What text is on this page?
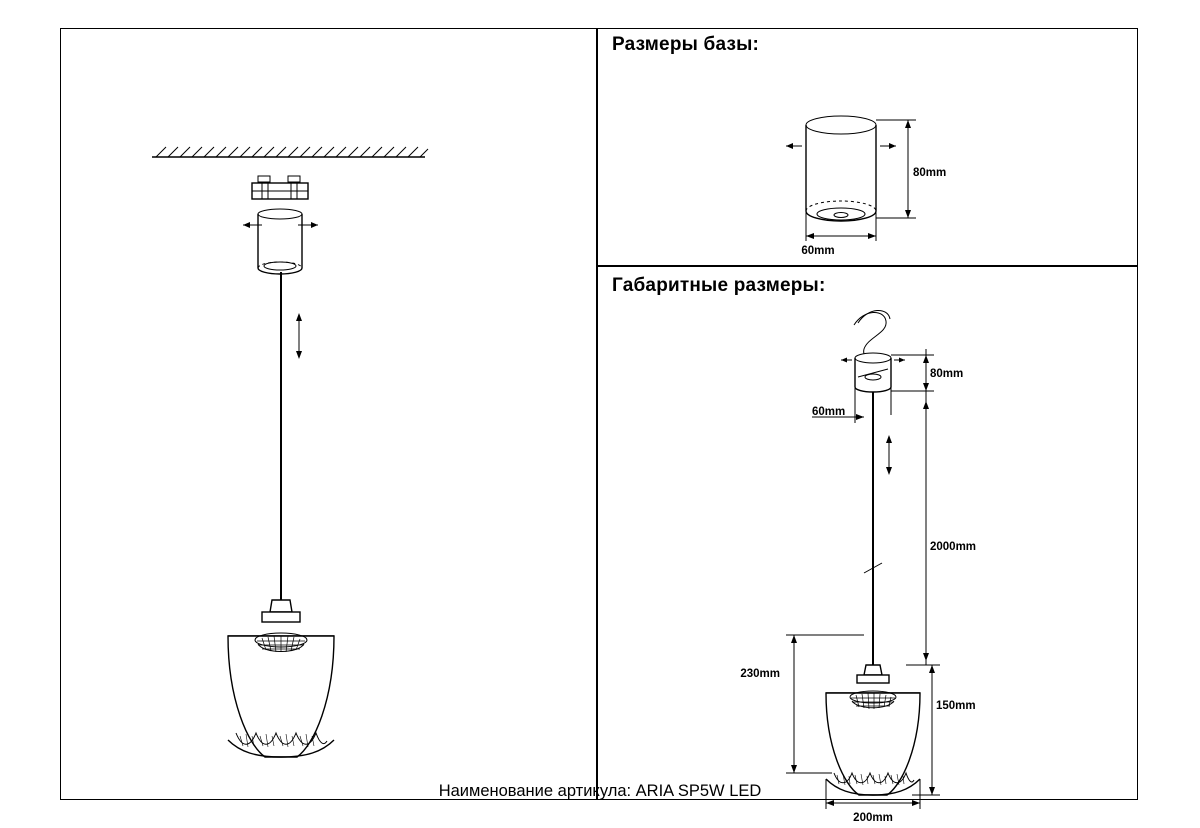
Размеры базы:
Габаритные размеры:
80mm
60mm
80mm
60mm
2000mm
230mm
150mm
200mm
Наименование артикула: ARIA SP5W LED
